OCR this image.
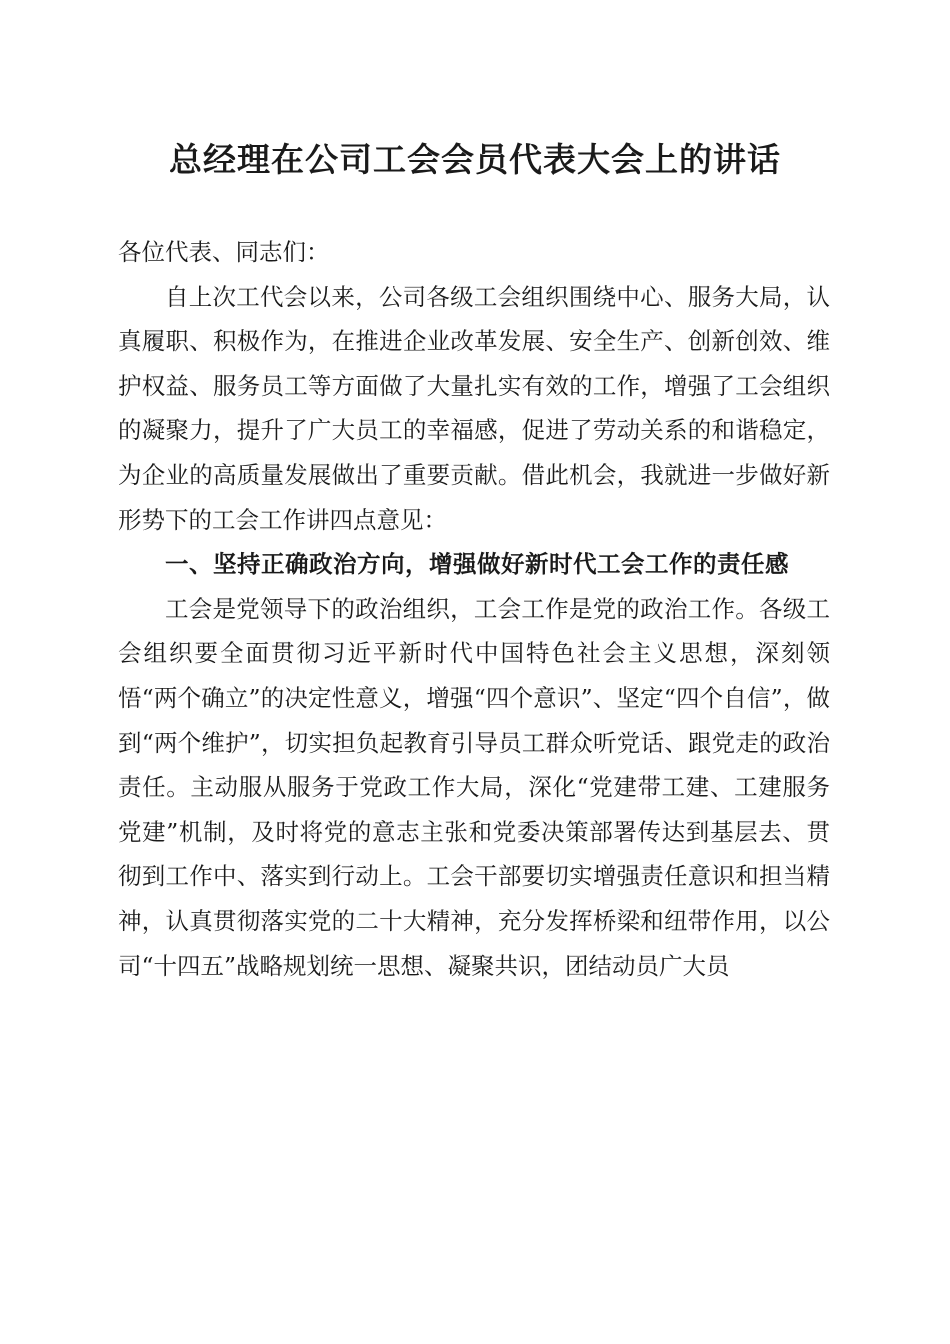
总经理在公司工会会员代表大会上的讲话

各位代表、同志们：

自上次工代会以来，公司各级工会组织围绕中心、服务大局，认真履职、积极作为，在推进企业改革发展、安全生产、创新创效、维护权益、服务员工等方面做了大量扎实有效的工作，增强了工会组织的凝聚力，提升了广大员工的幸福感，促进了劳动关系的和谐稳定，为企业的高质量发展做出了重要贡献。借此机会，我就进一步做好新形势下的工会工作讲四点意见：

一、坚持正确政治方向，增强做好新时代工会工作的责任感

工会是党领导下的政治组织，工会工作是党的政治工作。各级工会组织要全面贯彻习近平新时代中国特色社会主义思想，深刻领悟“两个确立”的决定性意义，增强“四个意识”、坚定“四个自信”，做到“两个维护”，切实担负起教育引导员工群众听党话、跟党走的政治责任。主动服从服务于党政工作大局，深化“党建带工建、工建服务党建”机制，及时将党的意志主张和党委决策部署传达到基层去、贯彻到工作中、落实到行动上。工会干部要切实增强责任意识和担当精神，认真贯彻落实党的二十大精神，充分发挥桥梁和纽带作用，以公司“十四五”战略规划统一思想、凝聚共识，团结动员广大员
